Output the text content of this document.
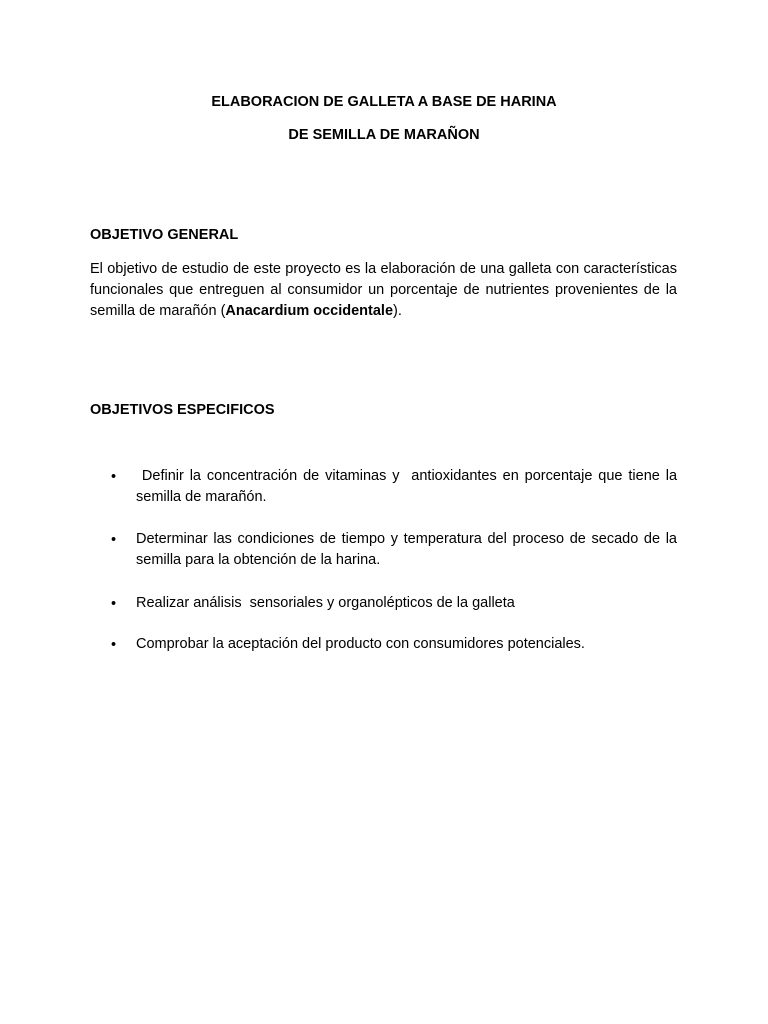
ELABORACION DE GALLETA A BASE DE HARINA
DE SEMILLA DE MARAÑON
OBJETIVO GENERAL

El objetivo de estudio de este proyecto es la elaboración de una galleta con características funcionales que entreguen al consumidor un porcentaje de nutrientes provenientes de la semilla de marañón (Anacardium occidentale).

OBJETIVOS ESPECIFICOS
• Definir la concentración de vitaminas y  antioxidantes en porcentaje que tiene la semilla de marañón.
• Determinar las condiciones de tiempo y temperatura del proceso de secado de la semilla para la obtención de la harina.
• Realizar análisis  sensoriales y organolépticos de la galleta
• Comprobar la aceptación del producto con consumidores potenciales.
